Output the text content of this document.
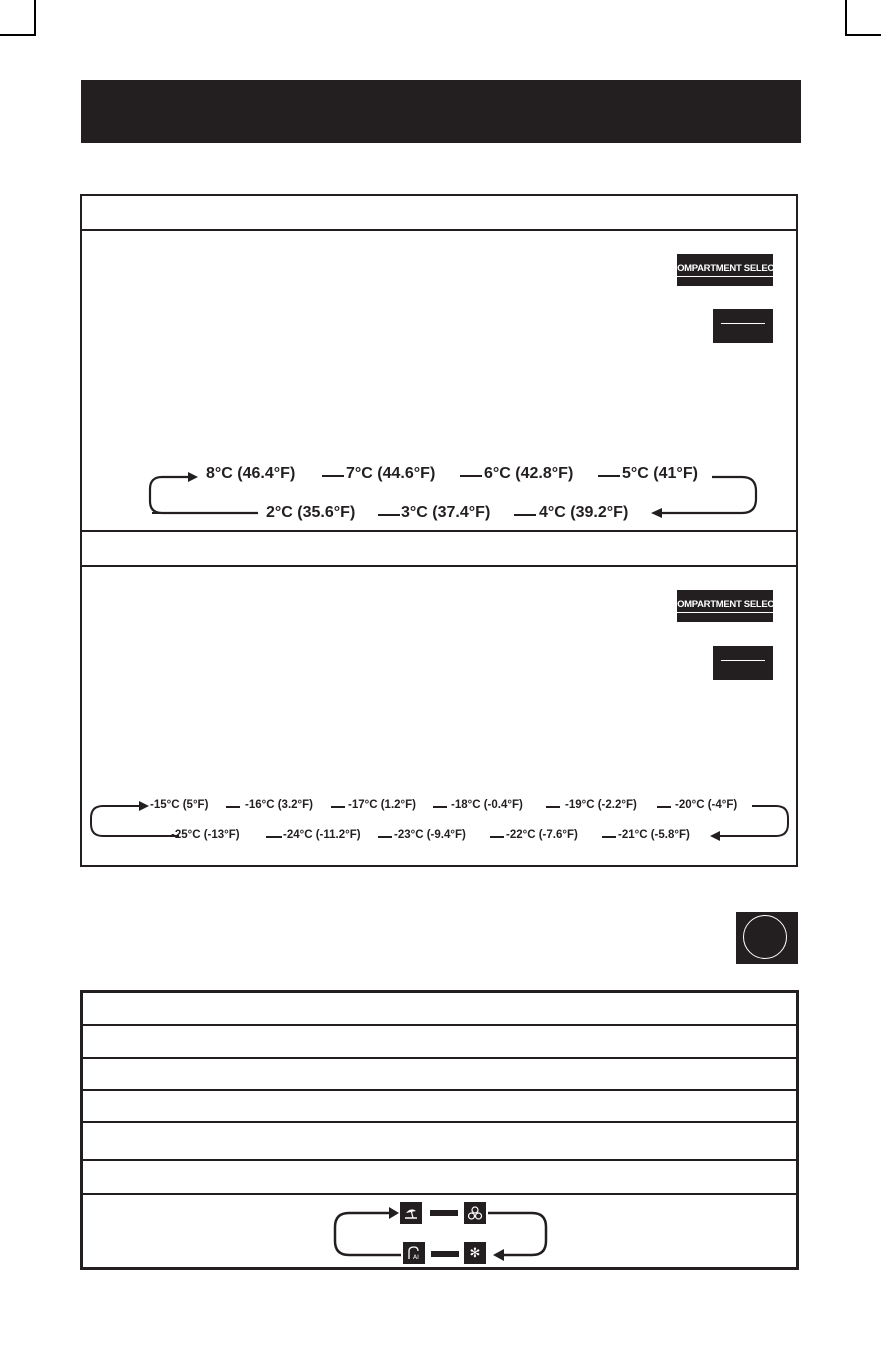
COMPARTMENT SELECT
8°C (46.4°F)	7°C (44.6°F)	6°C (42.8°F)	5°C (41°F)
2°C (35.6°F)	3°C (37.4°F)	4°C (39.2°F)
COMPARTMENT SELECT
-15°C (5°F)	-16°C (3.2°F)	-17°C (1.2°F)	-18°C (-0.4°F)	-19°C (-2.2°F)	-20°C (-4°F)
-25°C (-13°F)	-24°C (-11.2°F)	-23°C (-9.4°F)	-22°C (-7.6°F)	-21°C (-5.8°F)
AI	✻
